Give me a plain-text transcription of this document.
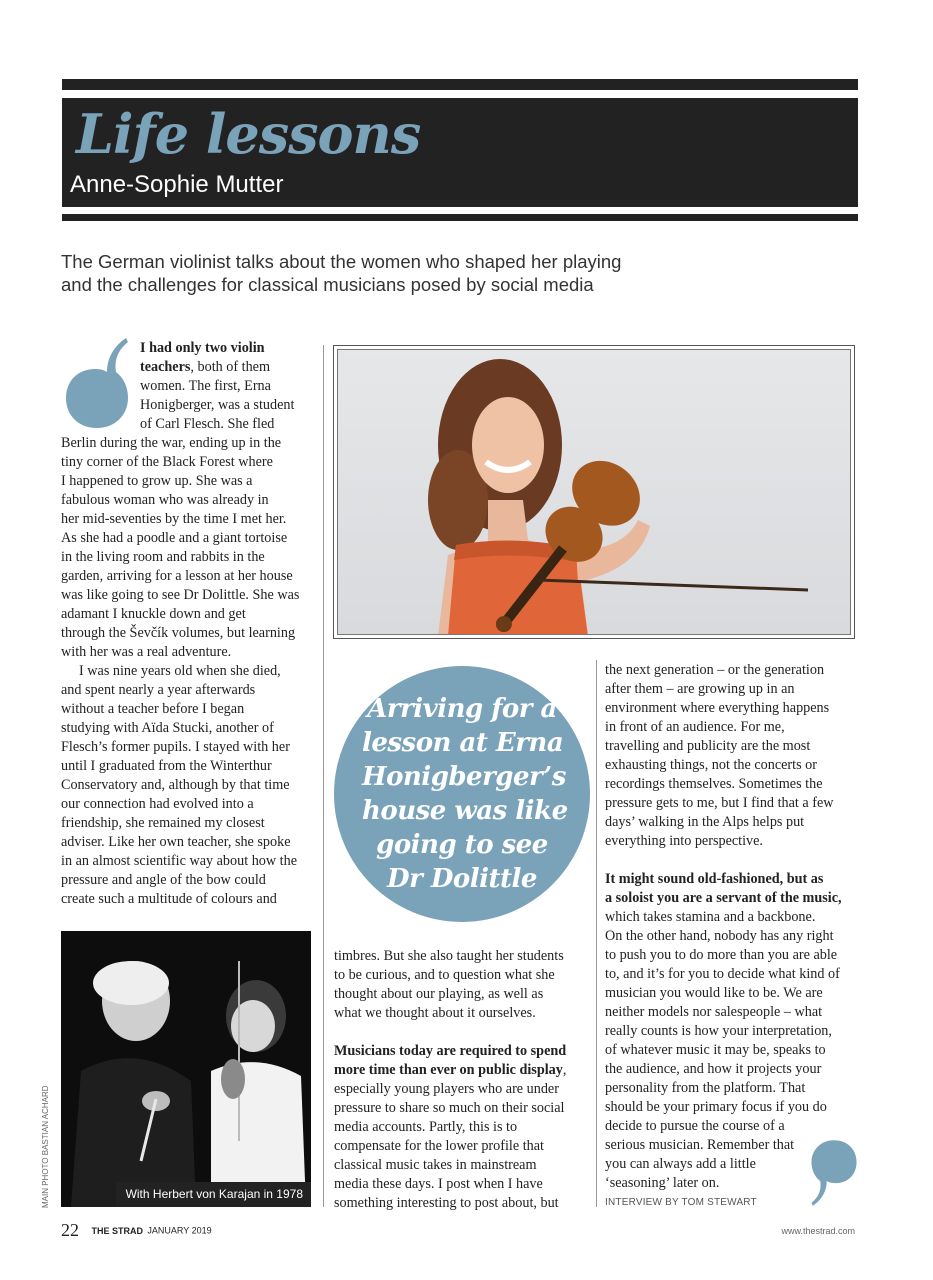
Life lessons
Anne-Sophie Mutter
The German violinist talks about the women who shaped her playing
and the challenges for classical musicians posed by social media
I had only two violin
teachers, both of them
women. The first, Erna
Honigberger, was a student
of Carl Flesch. She fled
Berlin during the war, ending up in the
tiny corner of the Black Forest where
I happened to grow up. She was a
fabulous woman who was already in
her mid-seventies by the time I met her.
As she had a poodle and a giant tortoise
in the living room and rabbits in the
garden, arriving for a lesson at her house
was like going to see Dr Dolittle. She was
adamant I knuckle down and get
through the Ševčík volumes, but learning
with her was a real adventure.
I was nine years old when she died,
and spent nearly a year afterwards
without a teacher before I began
studying with Aïda Stucki, another of
Flesch’s former pupils. I stayed with her
until I graduated from the Winterthur
Conservatory and, although by that time
our connection had evolved into a
friendship, she remained my closest
adviser. Like her own teacher, she spoke
in an almost scientific way about how the
pressure and angle of the bow could
create such a multitude of colours and
Arriving for a
lesson at Erna
Honigberger’s
house was like
going to see
Dr Dolittle
timbres. But she also taught her students
to be curious, and to question what she
thought about our playing, as well as
what we thought about it ourselves.
Musicians today are required to spend
more time than ever on public display,
especially young players who are under
pressure to share so much on their social
media accounts. Partly, this is to
compensate for the lower profile that
classical music takes in mainstream
media these days. I post when I have
something interesting to post about, but
the next generation – or the generation
after them – are growing up in an
environment where everything happens
in front of an audience. For me,
travelling and publicity are the most
exhausting things, not the concerts or
recordings themselves. Sometimes the
pressure gets to me, but I find that a few
days’ walking in the Alps helps put
everything into perspective.
It might sound old-fashioned, but as
a soloist you are a servant of the music,
which takes stamina and a backbone.
On the other hand, nobody has any right
to push you to do more than you are able
to, and it’s for you to decide what kind of
musician you would like to be. We are
neither models nor salespeople – what
really counts is how your interpretation,
of whatever music it may be, speaks to
the audience, and how it projects your
personality from the platform. That
should be your primary focus if you do
decide to pursue the course of a
serious musician. Remember that
you can always add a little
‘seasoning’ later on.
With Herbert von Karajan in 1978
MAIN PHOTO BASTIAN ACHARD	INTERVIEW BY TOM STEWART
22 THE STRAD JANUARY 2019	www.thestrad.com
